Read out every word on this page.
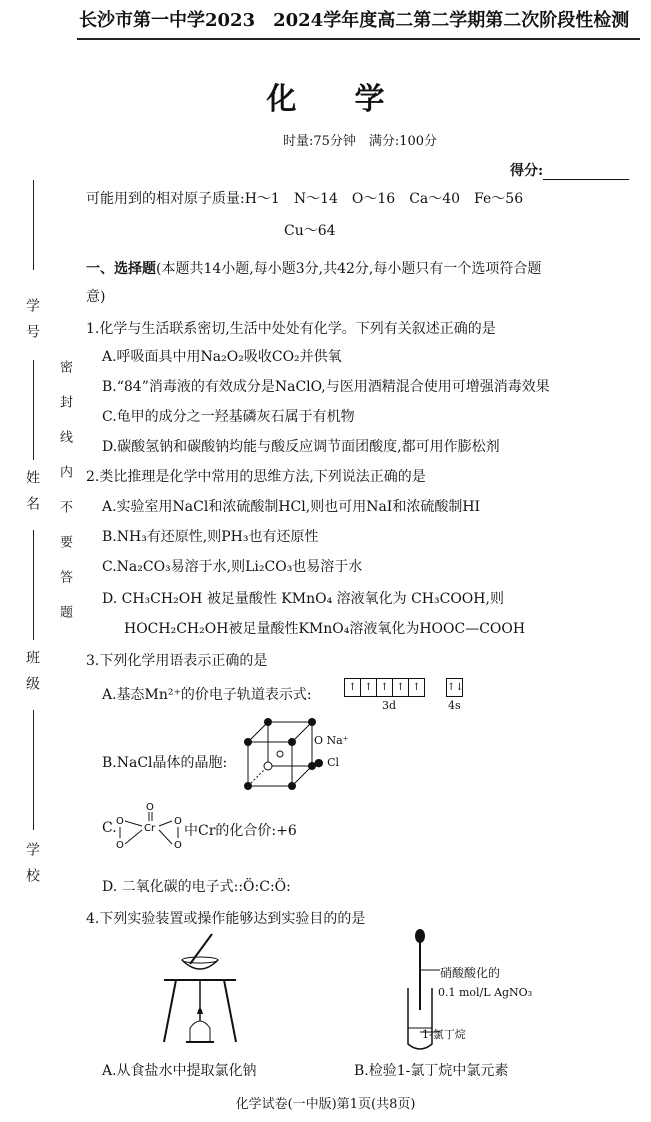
长沙市第一中学2023　2024学年度高二第二学期第二次阶段性检测
化学
时量:75分钟　满分:100分
得分:
学号
姓名
班级
学校
密封线内不要答题
可能用到的相对原子质量:H～1　N～14　O～16　Ca～40　Fe～56
Cu～64
一、选择题(本题共14小题,每小题3分,共42分,每小题只有一个选项符合题
意)
1.化学与生活联系密切,生活中处处有化学。下列有关叙述正确的是
A.呼吸面具中用Na₂O₂吸收CO₂并供氧
B.“84”消毒液的有效成分是NaClO,与医用酒精混合使用可增强消毒效果
C.龟甲的成分之一羟基磷灰石属于有机物
D.碳酸氢钠和碳酸钠均能与酸反应调节面团酸度,都可用作膨松剂
2.类比推理是化学中常用的思维方法,下列说法正确的是
A.实验室用NaCl和浓硫酸制HCl,则也可用NaI和浓硫酸制HI
B.NH₃有还原性,则PH₃也有还原性
C.Na₂CO₃易溶于水,则Li₂CO₃也易溶于水
D. CH₃CH₂OH 被足量酸性 KMnO₄ 溶液氧化为 CH₃COOH,则
HOCH₂CH₂OH被足量酸性KMnO₄溶液氧化为HOOC—COOH
3.下列化学用语表示正确的是
A.基态Mn²⁺的价电子轨道表示式:	↑ ↑ ↑ ↑ ↑	↑↓
3d	4s
B.NaCl晶体的晶胞:
O Na⁺
● Cl
C.	Cr
O
O
O
O
O
中Cr的化合价:+6
D. 二氧化碳的电子式::Ö:C:Ö:
4.下列实验装置或操作能够达到实验目的的是
硝酸酸化的
0.1 mol/L AgNO₃
1-氯丁烷
A.从食盐水中提取氯化钠	B.检验1-氯丁烷中氯元素
化学试卷(一中版)第1页(共8页)
